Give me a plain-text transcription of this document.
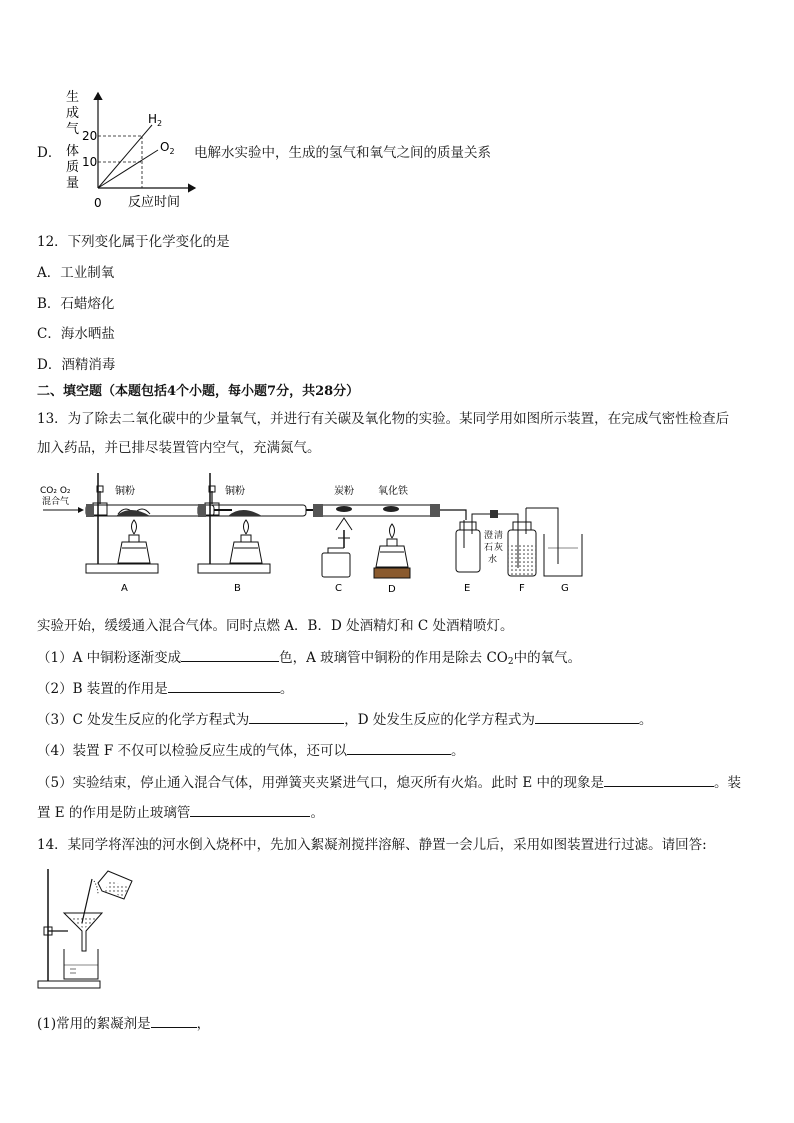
D．
生
成
气
体
质
量
20
10
$H_2$
$O_2$
0 反应时间
电解水实验中，生成的氢气和氧气之间的质量关系
12．下列变化属于化学变化的是
A．工业制氧
B．石蜡熔化
C．海水晒盐
D．酒精消毒
二、填空题（本题包括4个小题，每小题7分，共28分）
13．为了除去二氧化碳中的少量氧气，并进行有关碳及氧化物的实验。某同学用如图所示装置，在完成气密性检查后
加入药品，并已排尽装置管内空气，充满氮气。
CO₂ O₂
混合气
铜粉
A
铜粉
B
炭粉 氧化铁
C	D	E
澄 清
石 灰
水
F	G
实验开始，缓缓通入混合气体。同时点燃 A．B．D 处酒精灯和 C 处酒精喷灯。
（1）A 中铜粉逐渐变成	色，A 玻璃管中铜粉的作用是除去 $CO_2$中的氧气。
（2）B 装置的作用是	。
（3）C 处发生反应的化学方程式为	，D 处发生反应的化学方程式为	。
（4）装置 F 不仅可以检验反应生成的气体，还可以	。
（5）实验结束，停止通入混合气体，用弹簧夹夹紧进气口，熄灭所有火焰。此时 E 中的现象是	。装
置 E 的作用是防止玻璃管	。
14．某同学将浑浊的河水倒入烧杯中，先加入絮凝剂搅拌溶解、静置一会儿后，采用如图装置进行过滤。请回答:
(1)常用的絮凝剂是	，
